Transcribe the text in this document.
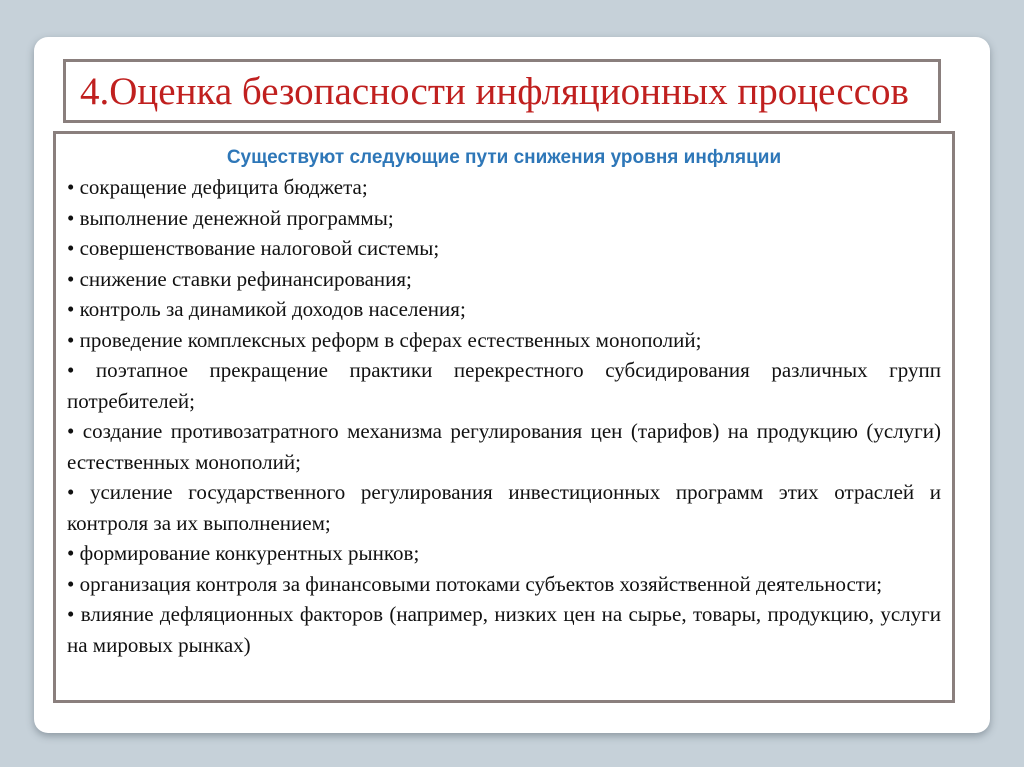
4.Оценка безопасности инфляционных процессов
Существуют следующие пути снижения уровня инфляции
• сокращение дефицита бюджета;
• выполнение денежной программы;
• совершенствование налоговой системы;
• снижение ставки рефинансирования;
• контроль за динамикой доходов населения;
• проведение комплексных реформ в сферах естественных монополий;
• поэтапное прекращение практики перекрестного субсидирования различных групп потребителей;
• создание противозатратного механизма регулирования цен (тарифов) на продукцию (услуги) естественных монополий;
• усиление государственного регулирования инвестиционных программ этих отраслей и контроля за их выполнением;
• формирование конкурентных рынков;
• организация контроля за финансовыми потоками субъектов хозяйственной деятельности;
• влияние дефляционных факторов (например, низких цен на сырье, товары, продукцию, услуги на мировых рынках)
